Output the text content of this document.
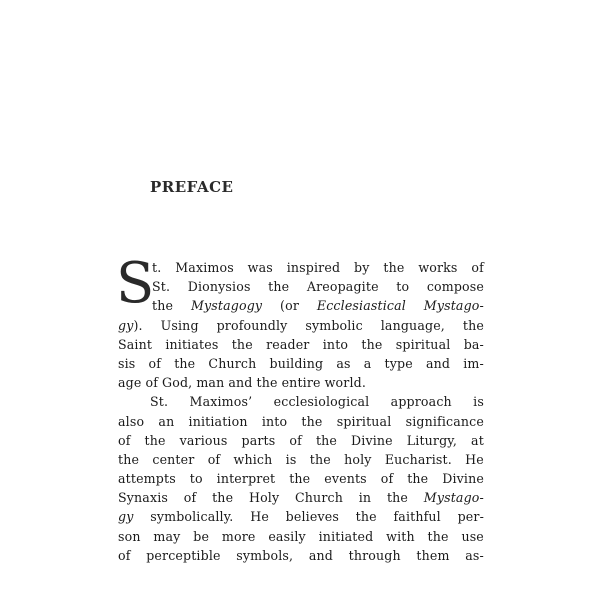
PREFACE
S
t. Maximos was inspired by the works of
St. Dionysios the Areopagite to compose
the Mystagogy (or Ecclesiastical Mystago-
gy). Using profoundly symbolic language, the
Saint initiates the reader into the spiritual ba-
sis of the Church building as a type and im-
age of God, man and the entire world.
St. Maximos’ ecclesiological approach is
also an initiation into the spiritual significance
of the various parts of the Divine Liturgy, at
the center of which is the holy Eucharist. He
attempts to interpret the events of the Divine
Synaxis of the Holy Church in the Mystago-
gy symbolically. He believes the faithful per-
son may be more easily initiated with the use
of perceptible symbols, and through them as-
